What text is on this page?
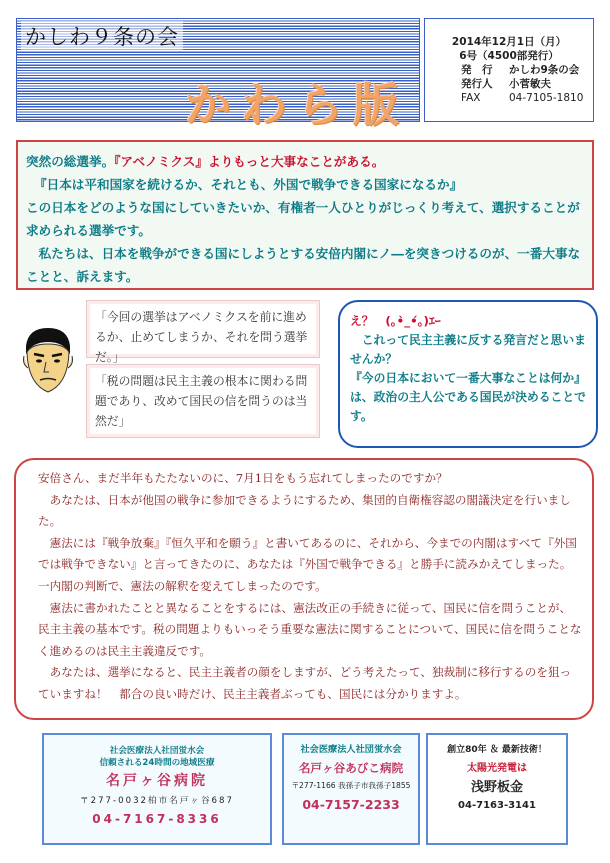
かしわ９条の会
かわら版
2014年12月1日（月）
6号（4500部発行）
発　行	かしわ9条の会
発行人	小菅敏夫
FAX	04-7105-1810

突然の総選挙。『アベノミクス』よりもっと大事なことがある。

『日本は平和国家を続けるか、それとも、外国で戦争できる国家になるか』

この日本をどのような国にしていきたいか、有権者一人ひとりがじっくり考えて、選択することが求められる選挙です。

　私たちは、日本を戦争ができる国にしようとする安倍内閣にノ―を突きつけるのが、一番大事なことと、訴えます。

「今回の選挙はアベノミクスを前に進めるか、止めてしまうか、それを問う選挙だ。」
「税の問題は民主主義の根本に関わる問題であり、改めて国民の信を問うのは当然だ」

え？　(｡•̀_•́｡)ｴｰ

　これって民主主義に反する発言だと思いませんか？

『今の日本において一番大事なことは何か』は、政治の主人公である国民が決めることです。

安倍さん、まだ半年もたたないのに、7月1日をもう忘れてしまったのですか？

　あなたは、日本が他国の戦争に参加できるようにするため、集団的自衛権容認の閣議決定を行いました。

　憲法には『戦争放棄』『恒久平和を願う』と書いてあるのに、それから、今までの内閣はすべて『外国では戦争できない』と言ってきたのに、あなたは『外国で戦争できる』と勝手に読みかえてしまった。一内閣の判断で、憲法の解釈を変えてしまったのです。

　憲法に書かれたことと異なることをするには、憲法改正の手続きに従って、国民に信を問うことが、民主主義の基本です。税の問題よりもいっそう重要な憲法に関することについて、国民に信を問うことなく進めるのは民主主義違反です。

　あなたは、選挙になると、民主主義者の顔をしますが、どう考えたって、独裁制に移行するのを狙っていますね！　都合の良い時だけ、民主主義者ぶっても、国民には分かりますよ。

社会医療法人社団蛍水会
信頼される24時間の地域医療
名戸ヶ谷病院
〒277-0032柏市名戸ヶ谷687
04-7167-8336
社会医療法人社団蛍水会
名戸ヶ谷あびこ病院
〒277-1166 我孫子市我孫子1855
04-7157-2233
創立80年 ＆ 最新技術！
太陽光発電は
浅野板金
04-7163-3141
